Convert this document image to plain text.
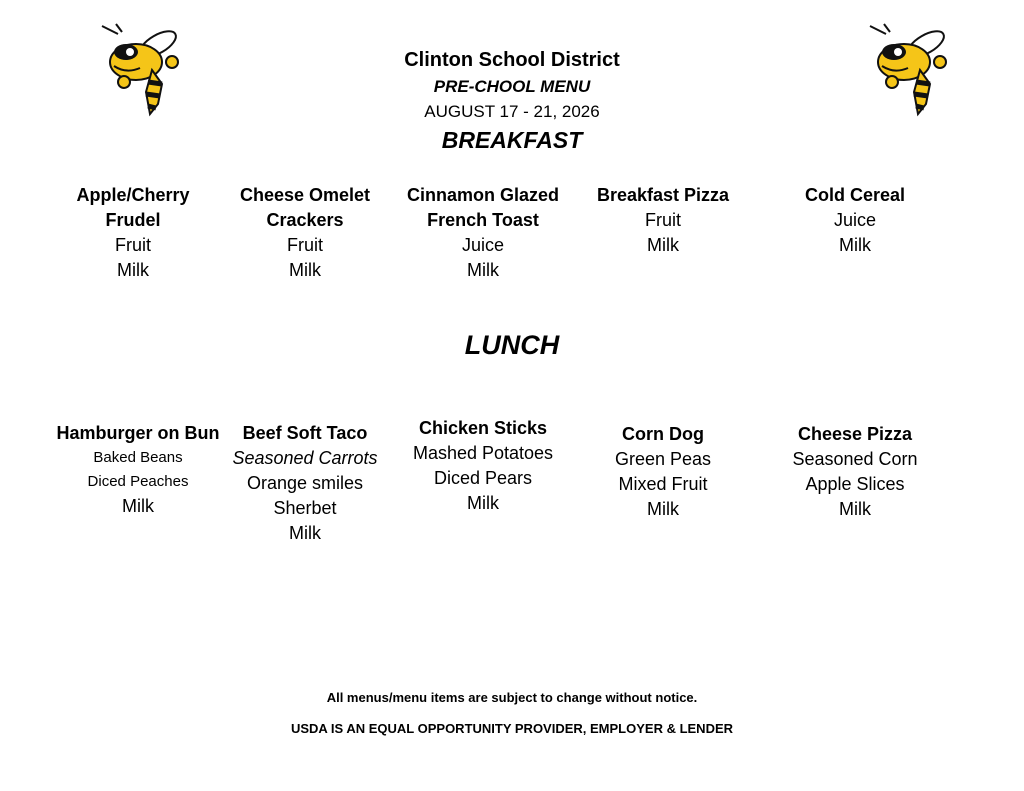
Clinton School District
PRE-CHOOL MENU
AUGUST 17 - 21, 2026
BREAKFAST
Apple/Cherry
Frudel
Fruit
Milk
Cheese Omelet
Crackers
Fruit
Milk
Cinnamon Glazed
French Toast
Juice
Milk
Breakfast Pizza
Fruit
Milk
Cold Cereal
Juice
Milk
LUNCH
Hamburger on Bun
Baked Beans
Diced Peaches
Milk
Beef Soft Taco
Seasoned Carrots
Orange smiles
Sherbet
Milk
Chicken Sticks
Mashed Potatoes
Diced Pears
Milk
Corn Dog
Green Peas
Mixed Fruit
Milk
Cheese Pizza
Seasoned Corn
Apple Slices
Milk
All menus/menu items are subject to change without notice.
USDA IS AN EQUAL OPPORTUNITY PROVIDER, EMPLOYER & LENDER
